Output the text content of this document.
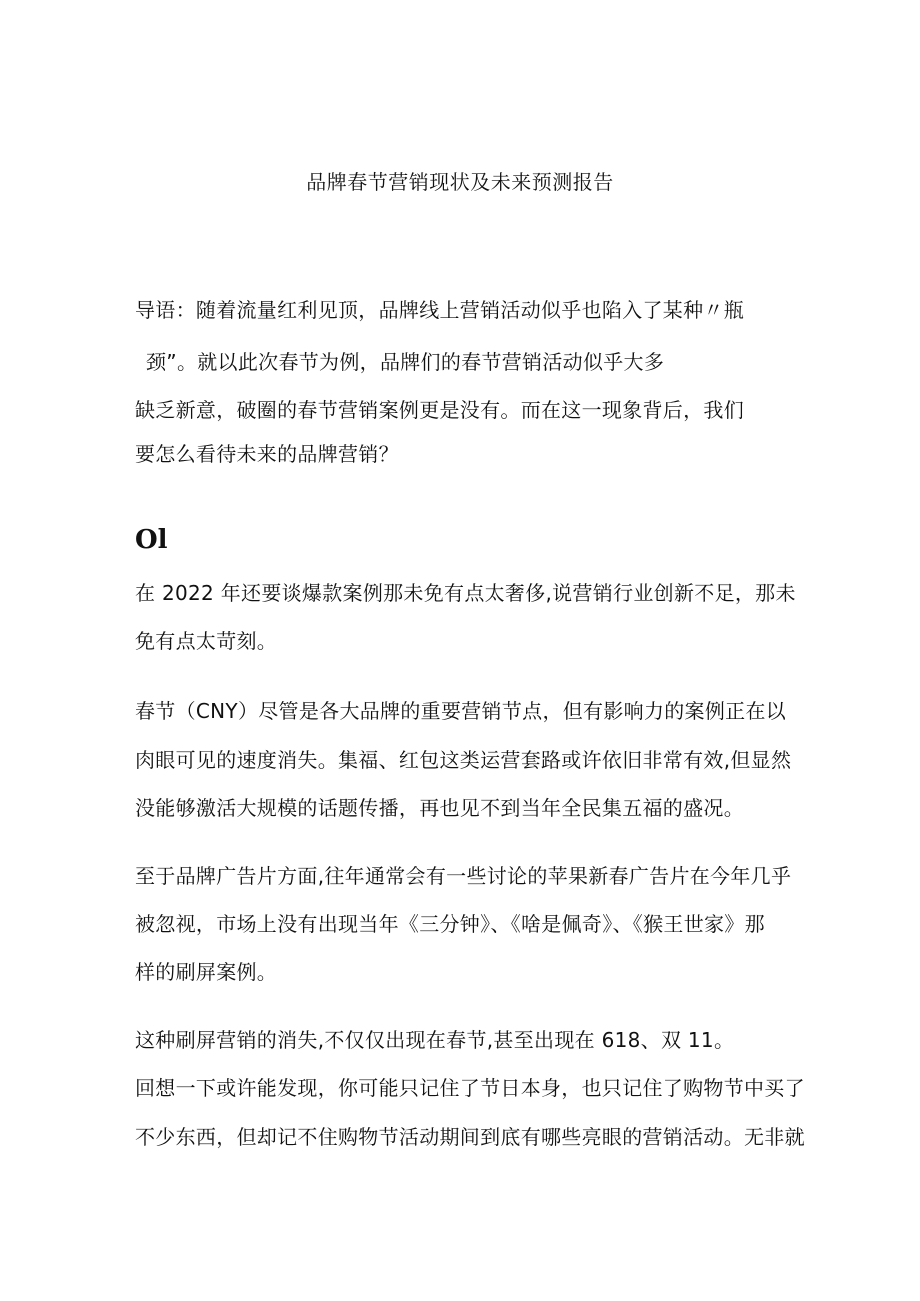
品牌春节营销现状及未来预测报告
导语：随着流量红利见顶，品牌线上营销活动似乎也陷入了某种〃瓶
颈”。就以此次春节为例，品牌们的春节营销活动似乎大多
缺乏新意，破圈的春节营销案例更是没有。而在这一现象背后，我们
要怎么看待未来的品牌营销？
Ol
在 2022 年还要谈爆款案例那未免有点太奢侈,说营销行业创新不足，那未
免有点太苛刻。
春节（CNY）尽管是各大品牌的重要营销节点，但有影响力的案例正在以
肉眼可见的速度消失。集福、红包这类运营套路或许依旧非常有效,但显然
没能够激活大规模的话题传播，再也见不到当年全民集五福的盛况。
至于品牌广告片方面,往年通常会有一些讨论的苹果新春广告片在今年几乎
被忽视，市场上没有出现当年《三分钟》、《啥是佩奇》、《猴王世家》那
样的刷屏案例。
这种刷屏营销的消失,不仅仅出现在春节,甚至出现在 618、双 11。
回想一下或许能发现，你可能只记住了节日本身，也只记住了购物节中买了
不少东西，但却记不住购物节活动期间到底有哪些亮眼的营销活动。无非就
